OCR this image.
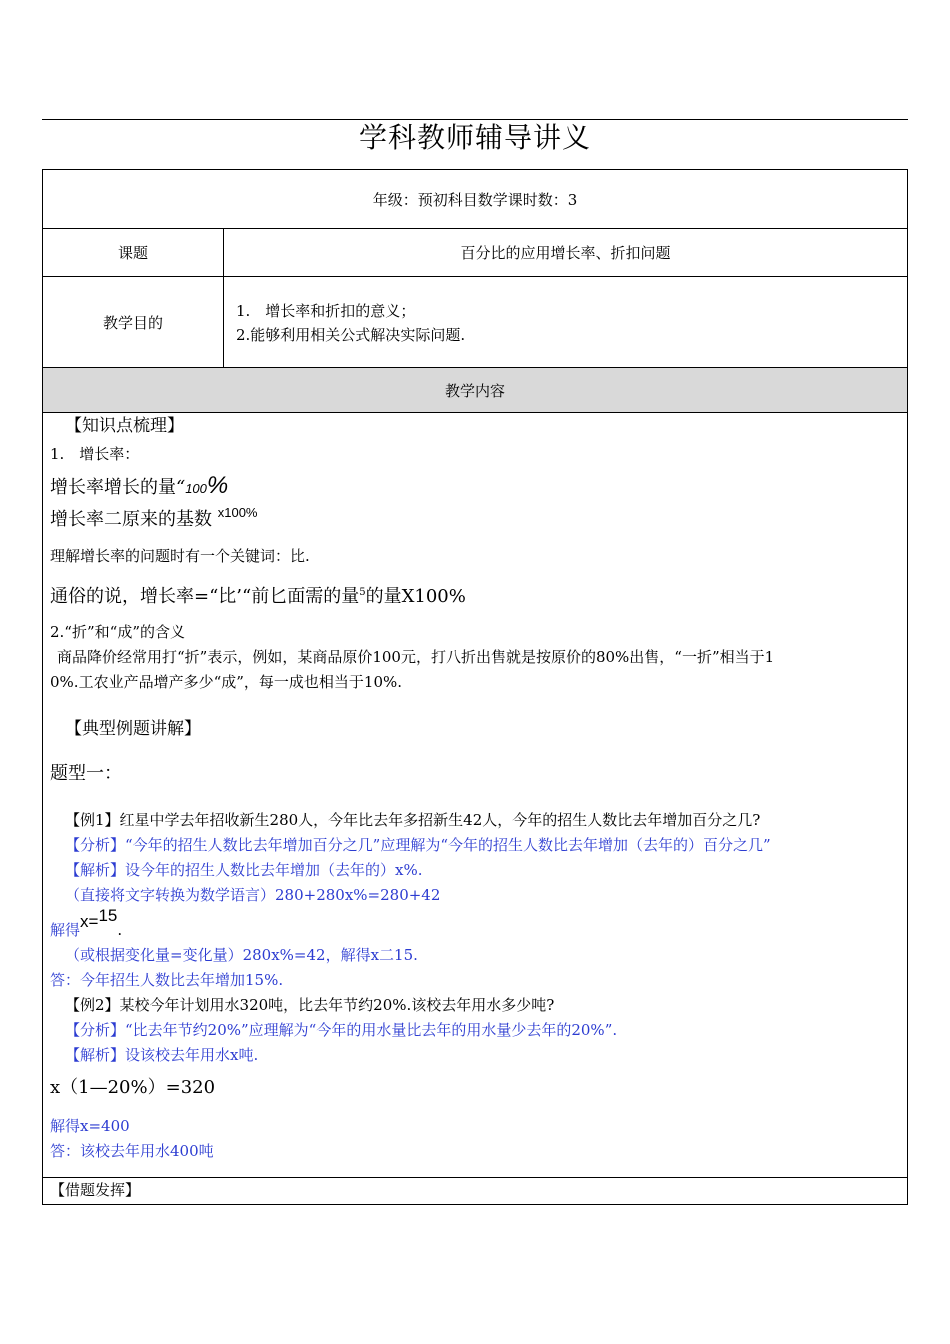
学科教师辅导讲义
年级：预初科目数学课时数：3
课题	百分比的应用增长率、折扣问题
教学目的
1.　增长率和折扣的意义；
2.能够利用相关公式解决实际问题.
教学内容
【知识点梳理】
1.　增长率：
增长率增长的量“100%
增长率二原来的基数 $^{x100\%}$
理解增长率的问题时有一个关键词：比.
通俗的说，增长率=“比’“前匕面需的量$^5$的量X100%
2.“折”和“成”的含义
商品降价经常用打“折”表示，例如，某商品原价100元，打八折出售就是按原价的80%出售，“一折”相当于1
0%.工农业产品增产多少“成”，每一成也相当于10%.
【典型例题讲解】
题型一：
【例1】红星中学去年招收新生280人，今年比去年多招新生42人，今年的招生人数比去年增加百分之几?
【分析】“今年的招生人数比去年增加百分之几”应理解为“今年的招生人数比去年增加（去年的）百分之几”
【解析】设今年的招生人数比去年增加（去年的）x%.
（直接将文字转换为数学语言）280+280x%=280+42
解得x=15.
（或根据变化量=变化量）280x%=42，解得x二15.
答：今年招生人数比去年增加15%.
【例2】某校今年计划用水320吨，比去年节约20%.该校去年用水多少吨?
【分析】“比去年节约20%”应理解为“今年的用水量比去年的用水量少去年的20%”.
【解析】设该校去年用水x吨.
x（1—20%）=320
解得x=400
答：该校去年用水400吨
【借题发挥】
